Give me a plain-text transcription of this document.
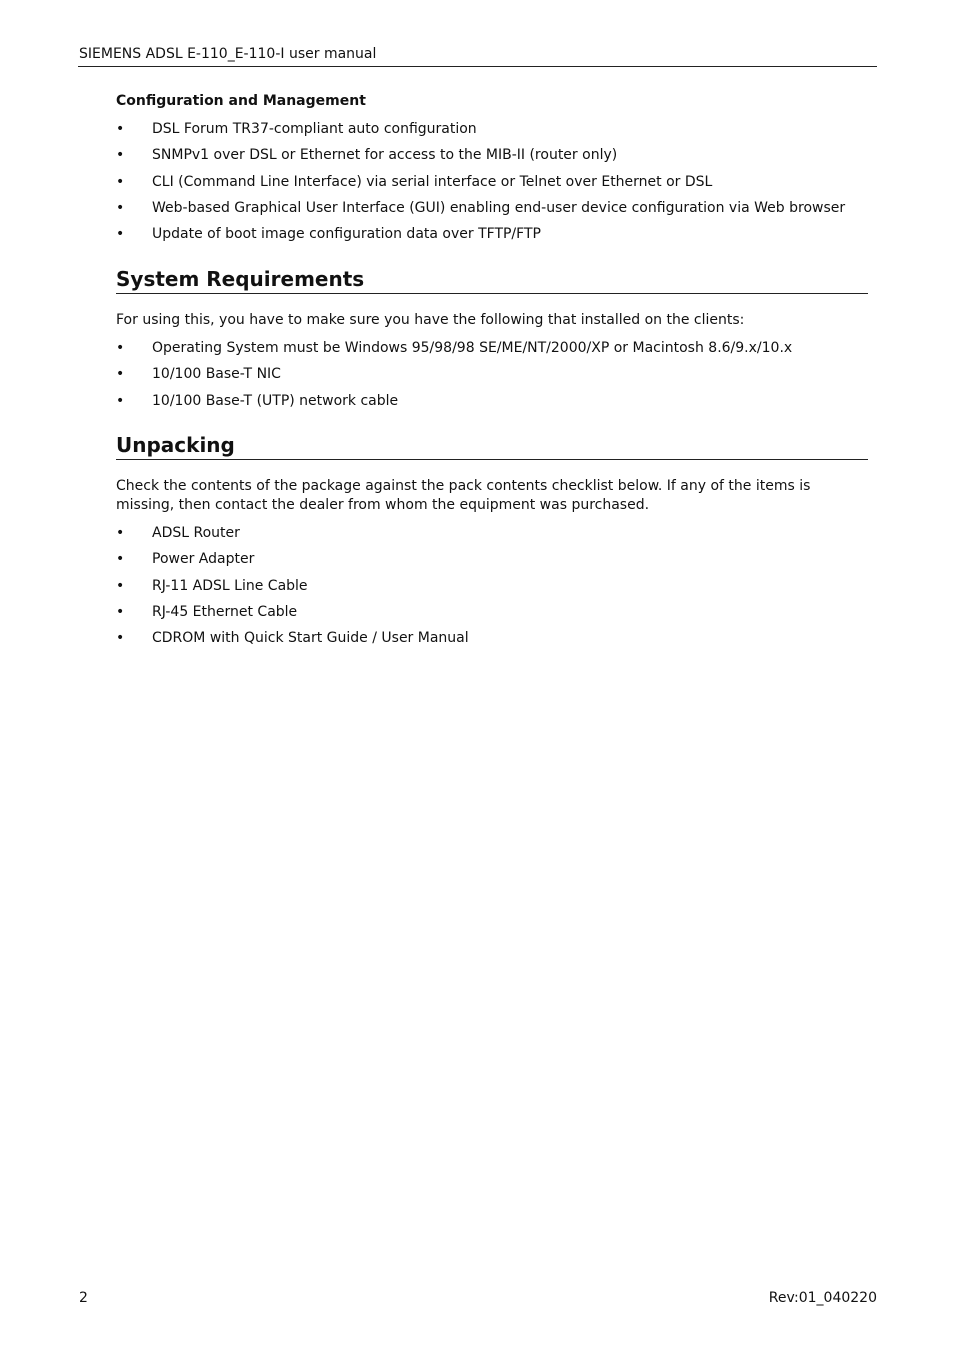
SIEMENS ADSL E-110_E-110-I user manual
Configuration and Management
• DSL Forum TR37-compliant auto configuration
• SNMPv1 over DSL or Ethernet for access to the MIB-II (router only)
• CLI (Command Line Interface) via serial interface or Telnet over Ethernet or DSL
• Web-based Graphical User Interface (GUI) enabling end-user device configuration via Web browser
• Update of boot image configuration data over TFTP/FTP
System Requirements
For using this, you have to make sure you have the following that installed on the clients:
• Operating System must be Windows 95/98/98 SE/ME/NT/2000/XP or Macintosh 8.6/9.x/10.x
• 10/100 Base-T NIC
• 10/100 Base-T (UTP) network cable
Unpacking
Check the contents of the package against the pack contents checklist below. If any of the items is missing, then contact the dealer from whom the equipment was purchased.
• ADSL Router
• Power Adapter
• RJ-11 ADSL Line Cable
• RJ-45 Ethernet Cable
• CDROM with Quick Start Guide / User Manual
2	Rev:01_040220
